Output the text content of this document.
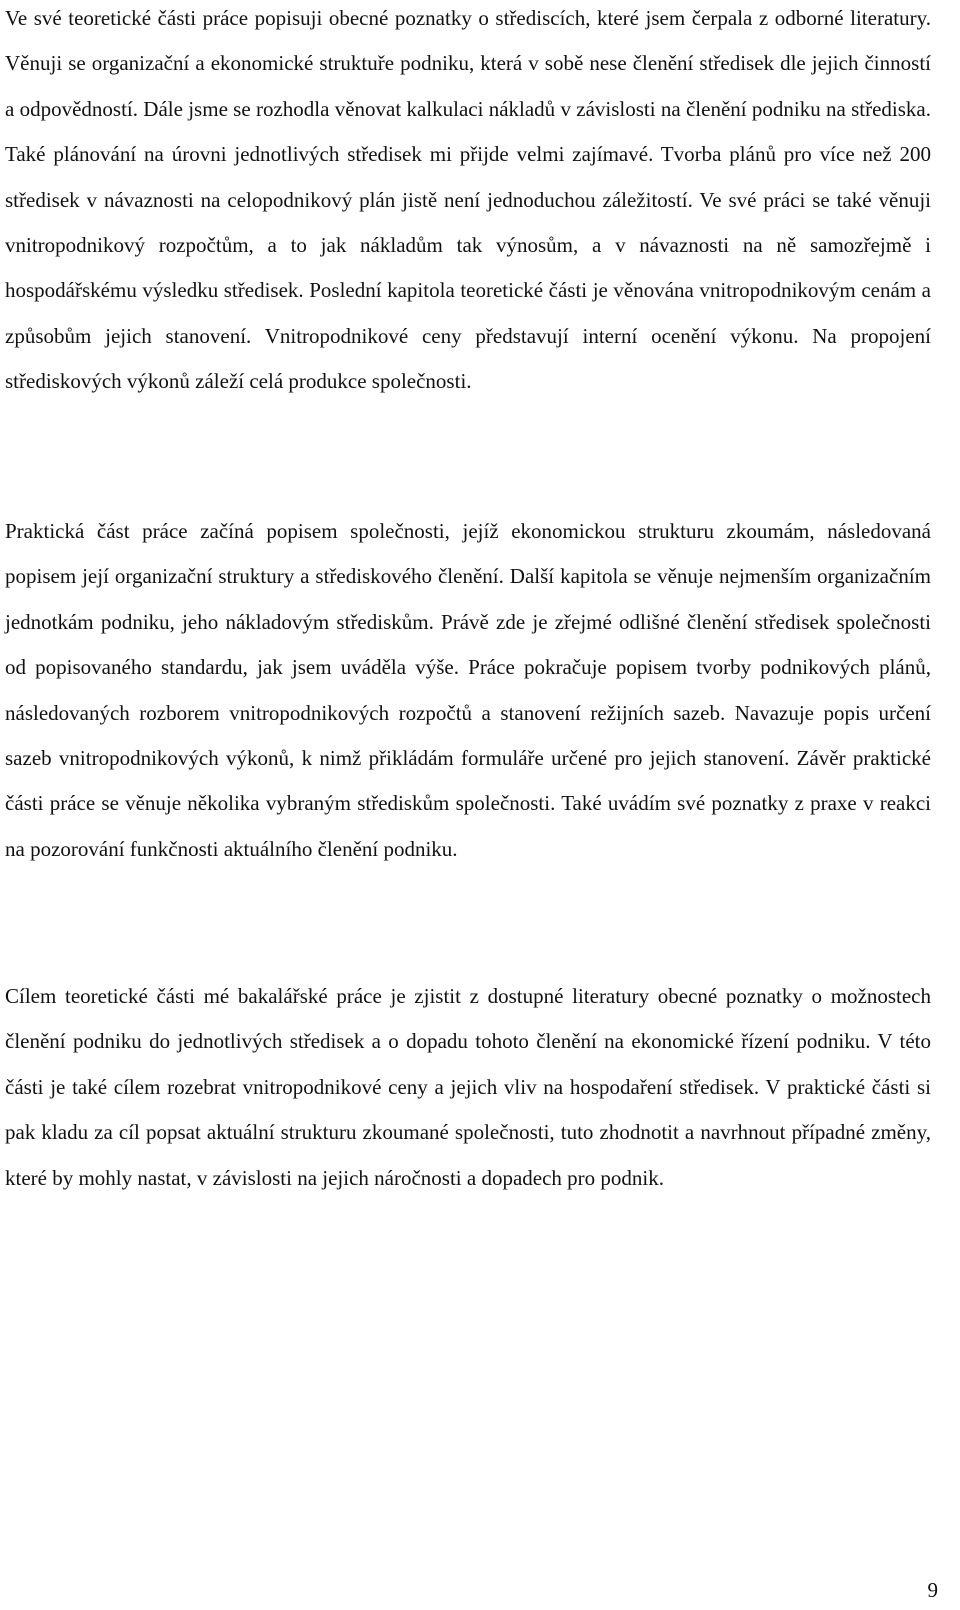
Ve své teoretické části práce popisuji obecné poznatky o střediscích, které jsem čerpala z odborné literatury. Věnuji se organizační a ekonomické struktuře podniku, která v sobě nese členění středisek dle jejich činností a odpovědností. Dále jsme se rozhodla věnovat kalkulaci nákladů v závislosti na členění podniku na střediska. Také plánování na úrovni jednotlivých středisek mi přijde velmi zajímavé. Tvorba plánů pro více než 200 středisek v návaznosti na celopodnikový plán jistě není jednoduchou záležitostí. Ve své práci se také věnuji vnitropodnikový rozpočtům, a to jak nákladům tak výnosům, a v návaznosti na ně samozřejmě i hospodářskému výsledku středisek. Poslední kapitola teoretické části je věnována vnitropodnikovým cenám a způsobům jejich stanovení. Vnitropodnikové ceny představují interní ocenění výkonu. Na propojení střediskových výkonů záleží celá produkce společnosti.

Praktická část práce začíná popisem společnosti, jejíž ekonomickou strukturu zkoumám, následovaná popisem její organizační struktury a střediskového členění. Další kapitola se věnuje nejmenším organizačním jednotkám podniku, jeho nákladovým střediskům. Právě zde je zřejmé odlišné členění středisek společnosti od popisovaného standardu, jak jsem uváděla výše. Práce pokračuje popisem tvorby podnikových plánů, následovaných rozborem vnitropodnikových rozpočtů a stanovení režijních sazeb. Navazuje popis určení sazeb vnitropodnikových výkonů, k nimž přikládám formuláře určené pro jejich stanovení. Závěr praktické části práce se věnuje několika vybraným střediskům společnosti. Také uvádím své poznatky z praxe v reakci na pozorování funkčnosti aktuálního členění podniku.

Cílem teoretické části mé bakalářské práce je zjistit z dostupné literatury obecné poznatky o možnostech členění podniku do jednotlivých středisek a o dopadu tohoto členění na ekonomické řízení podniku. V této části je také cílem rozebrat vnitropodnikové ceny a jejich vliv na hospodaření středisek. V praktické části si pak kladu za cíl popsat aktuální strukturu zkoumané společnosti, tuto zhodnotit a navrhnout případné změny, které by mohly nastat, v závislosti na jejich náročnosti a dopadech pro podnik.

9
